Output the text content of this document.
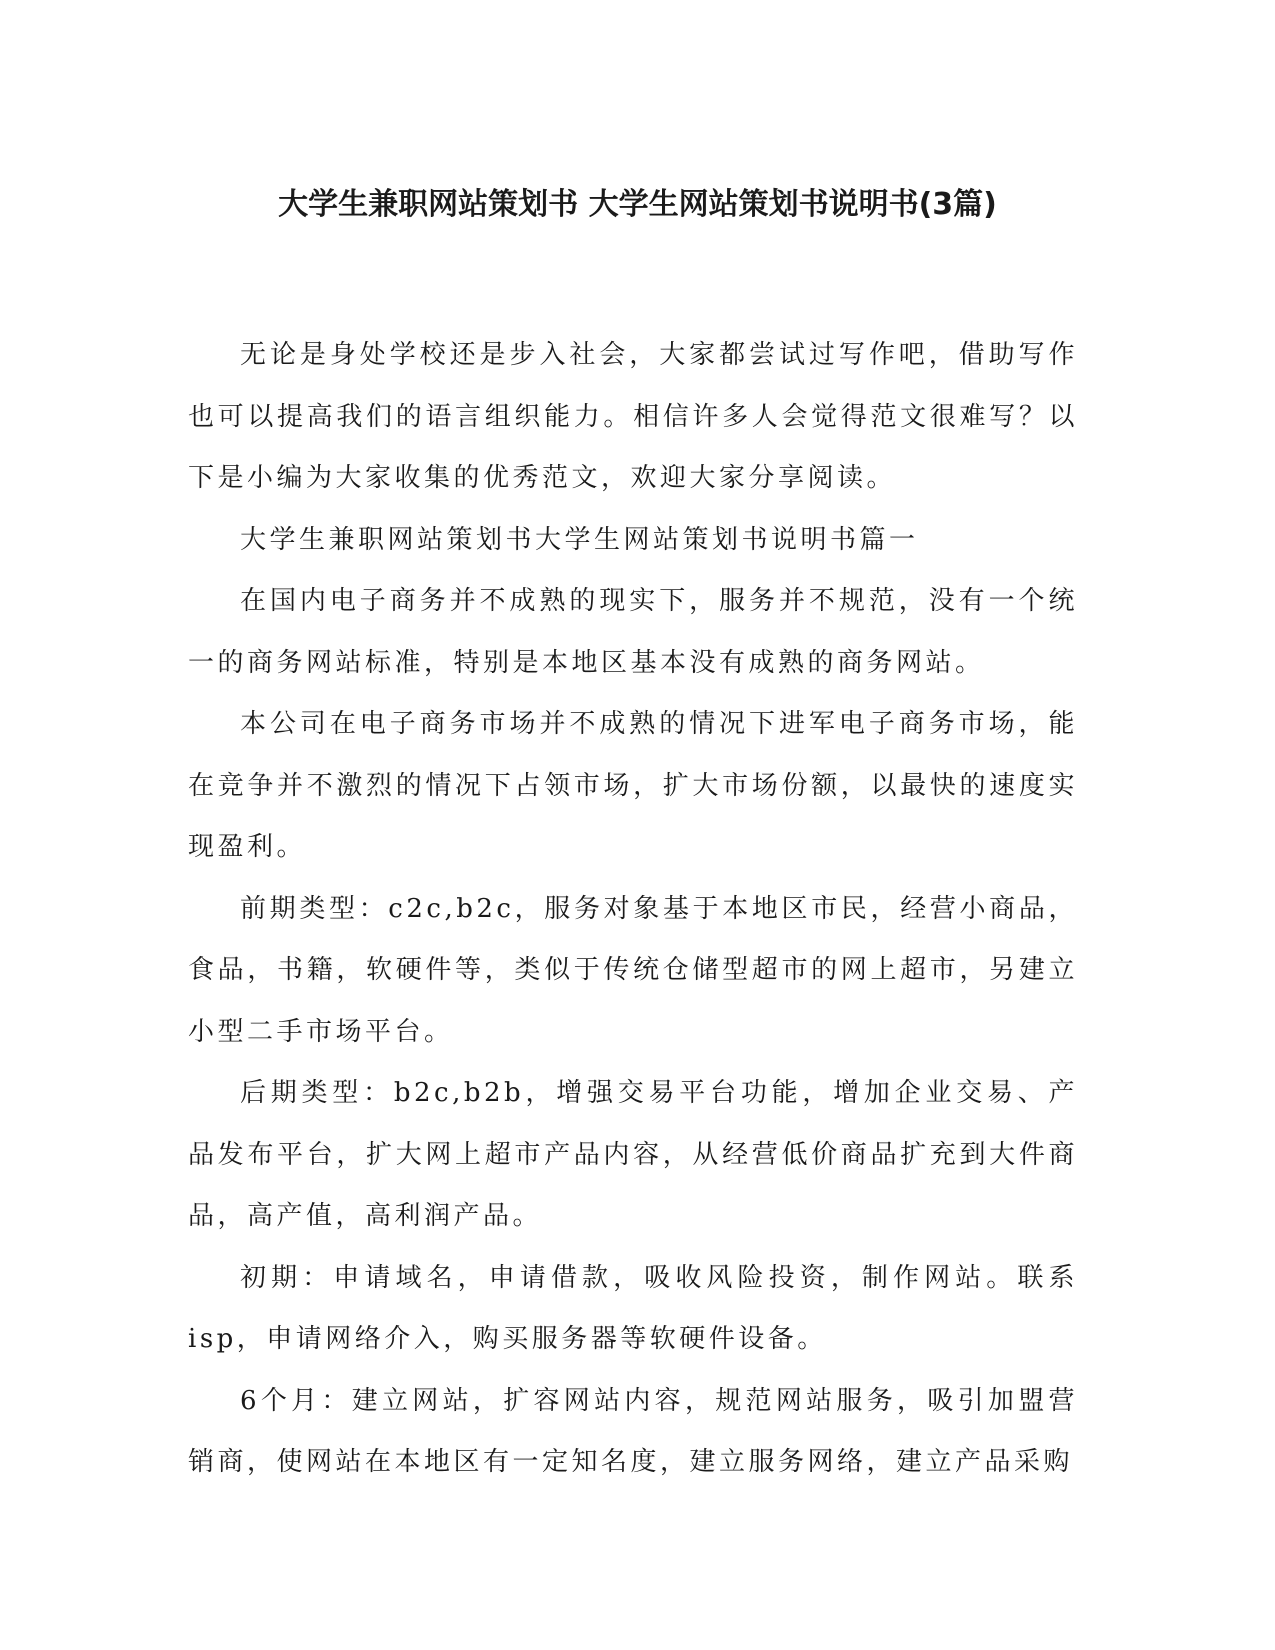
大学生兼职网站策划书 大学生网站策划书说明书(3篇)

无论是身处学校还是步入社会，大家都尝试过写作吧，借助写作也可以提高我们的语言组织能力。相信许多人会觉得范文很难写？以下是小编为大家收集的优秀范文，欢迎大家分享阅读。

大学生兼职网站策划书大学生网站策划书说明书篇一

在国内电子商务并不成熟的现实下，服务并不规范，没有一个统一的商务网站标准，特别是本地区基本没有成熟的商务网站。

本公司在电子商务市场并不成熟的情况下进军电子商务市场，能在竞争并不激烈的情况下占领市场，扩大市场份额，以最快的速度实现盈利。

前期类型：c2c,b2c，服务对象基于本地区市民，经营小商品，食品，书籍，软硬件等，类似于传统仓储型超市的网上超市，另建立小型二手市场平台。

后期类型：b2c,b2b，增强交易平台功能，增加企业交易、产品发布平台，扩大网上超市产品内容，从经营低价商品扩充到大件商品，高产值，高利润产品。

初期：申请域名，申请借款，吸收风险投资，制作网站。联系isp，申请网络介入，购买服务器等软硬件设备。

6个月：建立网站，扩容网站内容，规范网站服务，吸引加盟营销商，使网站在本地区有一定知名度，建立服务网络，建立产品采购
